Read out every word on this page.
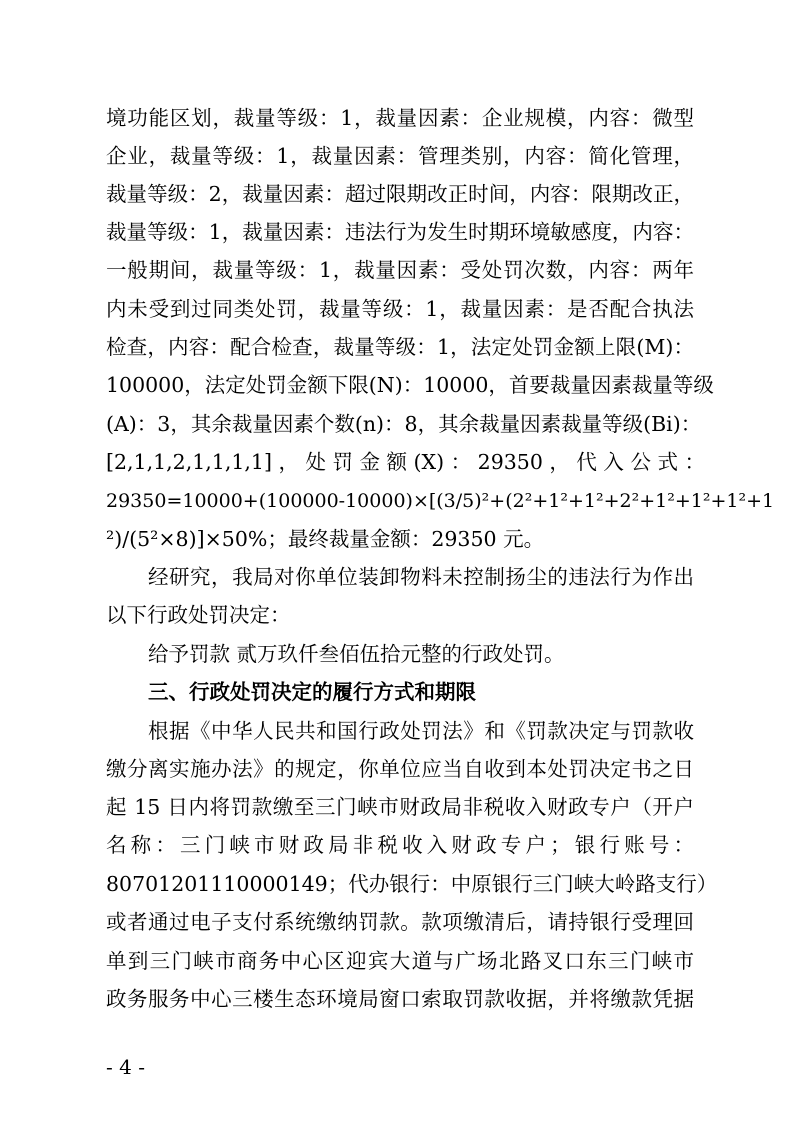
境功能区划，裁量等级：1，裁量因素：企业规模，内容：微型
企业，裁量等级：1，裁量因素：管理类别，内容：简化管理，
裁量等级：2，裁量因素：超过限期改正时间，内容：限期改正，
裁量等级：1，裁量因素：违法行为发生时期环境敏感度，内容：
一般期间，裁量等级：1，裁量因素：受处罚次数，内容：两年
内未受到过同类处罚，裁量等级：1，裁量因素：是否配合执法
检查，内容：配合检查，裁量等级：1，法定处罚金额上限(M)：
100000，法定处罚金额下限(N)：10000，首要裁量因素裁量等级
(A)：3，其余裁量因素个数(n)：8，其余裁量因素裁量等级(Bi)：
[2,1,1,2,1,1,1,1] ， 处 罚 金 额 (X) ： 29350 ， 代 入 公 式 ：
29350=10000+(100000-10000)×[(3/5)²+(2²+1²+1²+2²+1²+1²+1²+1
²)/(5²×8)]×50%；最终裁量金额：29350 元。
经研究，我局对你单位装卸物料未控制扬尘的违法行为作出
以下行政处罚决定：
给予罚款 贰万玖仟叁佰伍拾元整的行政处罚。
三、行政处罚决定的履行方式和期限
根据《中华人民共和国行政处罚法》和《罚款决定与罚款收
缴分离实施办法》的规定，你单位应当自收到本处罚决定书之日
起 15 日内将罚款缴至三门峡市财政局非税收入财政专户（开户
名称：三门峡市财政局非税收入财政专户；银行账号：
80701201110000149；代办银行：中原银行三门峡大岭路支行）
或者通过电子支付系统缴纳罚款。款项缴清后，请持银行受理回
单到三门峡市商务中心区迎宾大道与广场北路叉口东三门峡市
政务服务中心三楼生态环境局窗口索取罚款收据，并将缴款凭据
- 4 -
